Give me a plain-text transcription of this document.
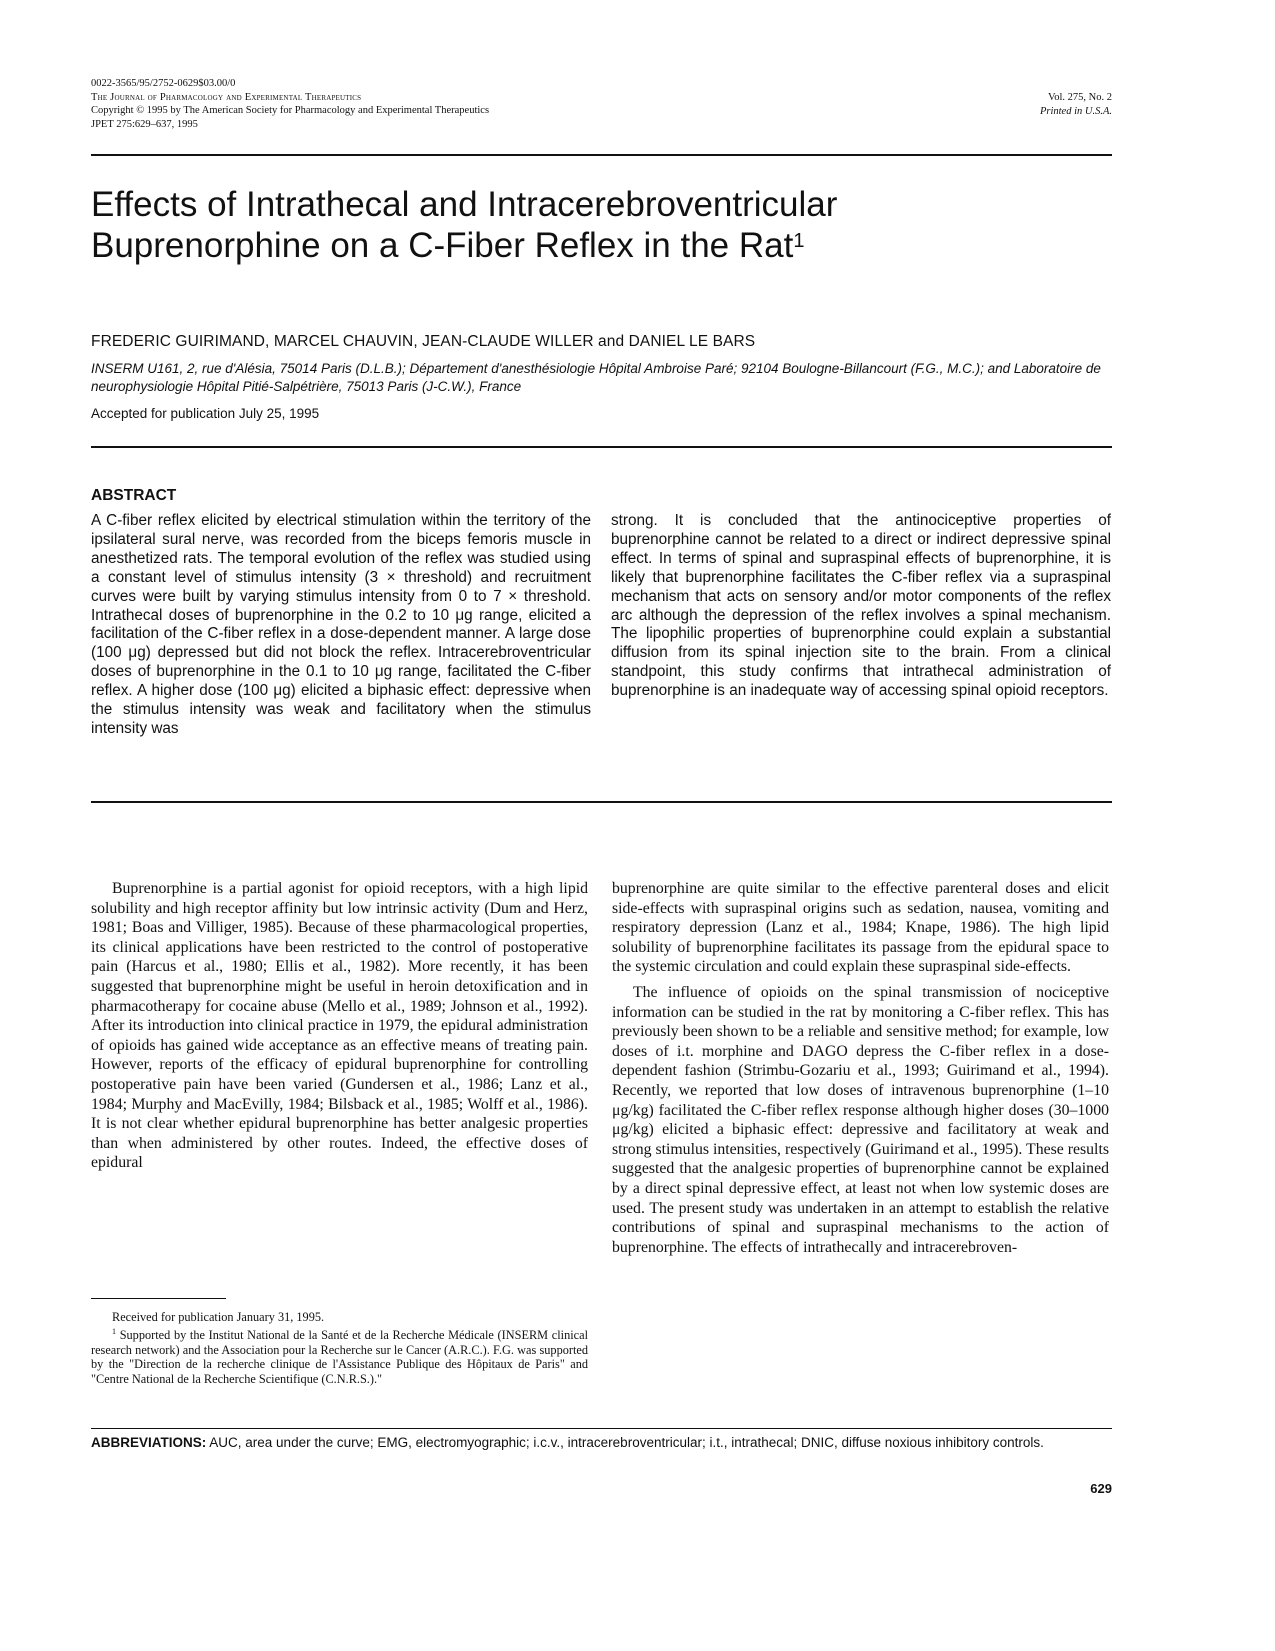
0022-3565/95/2752-0629$03.00/0
The Journal of Pharmacology and Experimental Therapeutics
Copyright © 1995 by The American Society for Pharmacology and Experimental Therapeutics
JPET 275:629–637, 1995
Vol. 275, No. 2
Printed in U.S.A.
Effects of Intrathecal and Intracerebroventricular
Buprenorphine on a C-Fiber Reflex in the Rat$^1$
FREDERIC GUIRIMAND, MARCEL CHAUVIN, JEAN-CLAUDE WILLER and DANIEL LE BARS
INSERM U161, 2, rue d'Alésia, 75014 Paris (D.L.B.); Département d'anesthésiologie Hôpital Ambroise Paré; 92104 Boulogne-Billancourt (F.G., M.C.); and Laboratoire de neurophysiologie Hôpital Pitié-Salpétrière, 75013 Paris (J-C.W.), France
Accepted for publication July 25, 1995
ABSTRACT
A C-fiber reflex elicited by electrical stimulation within the territory of the ipsilateral sural nerve, was recorded from the biceps femoris muscle in anesthetized rats. The temporal evolution of the reflex was studied using a constant level of stimulus intensity (3 × threshold) and recruitment curves were built by varying stimulus intensity from 0 to 7 × threshold. Intrathecal doses of buprenorphine in the 0.2 to 10 μg range, elicited a facilitation of the C-fiber reflex in a dose-dependent manner. A large dose (100 μg) depressed but did not block the reflex. Intracerebroventricular doses of buprenorphine in the 0.1 to 10 μg range, facilitated the C-fiber reflex. A higher dose (100 μg) elicited a biphasic effect: depressive when the stimulus intensity was weak and facilitatory when the stimulus intensity was
strong. It is concluded that the antinociceptive properties of buprenorphine cannot be related to a direct or indirect depressive spinal effect. In terms of spinal and supraspinal effects of buprenorphine, it is likely that buprenorphine facilitates the C-fiber reflex via a supraspinal mechanism that acts on sensory and/or motor components of the reflex arc although the depression of the reflex involves a spinal mechanism. The lipophilic properties of buprenorphine could explain a substantial diffusion from its spinal injection site to the brain. From a clinical standpoint, this study confirms that intrathecal administration of buprenorphine is an inadequate way of accessing spinal opioid receptors.

Buprenorphine is a partial agonist for opioid receptors, with a high lipid solubility and high receptor affinity but low intrinsic activity (Dum and Herz, 1981; Boas and Villiger, 1985). Because of these pharmacological properties, its clinical applications have been restricted to the control of postoperative pain (Harcus et al., 1980; Ellis et al., 1982). More recently, it has been suggested that buprenorphine might be useful in heroin detoxification and in pharmacotherapy for cocaine abuse (Mello et al., 1989; Johnson et al., 1992). After its introduction into clinical practice in 1979, the epidural administration of opioids has gained wide acceptance as an effective means of treating pain. However, reports of the efficacy of epidural buprenorphine for controlling postoperative pain have been varied (Gundersen et al., 1986; Lanz et al., 1984; Murphy and MacEvilly, 1984; Bilsback et al., 1985; Wolff et al., 1986). It is not clear whether epidural buprenorphine has better analgesic properties than when administered by other routes. Indeed, the effective doses of epidural

buprenorphine are quite similar to the effective parenteral doses and elicit side-effects with supraspinal origins such as sedation, nausea, vomiting and respiratory depression (Lanz et al., 1984; Knape, 1986). The high lipid solubility of buprenorphine facilitates its passage from the epidural space to the systemic circulation and could explain these supraspinal side-effects.

The influence of opioids on the spinal transmission of nociceptive information can be studied in the rat by monitoring a C-fiber reflex. This has previously been shown to be a reliable and sensitive method; for example, low doses of i.t. morphine and DAGO depress the C-fiber reflex in a dose-dependent fashion (Strimbu-Gozariu et al., 1993; Guirimand et al., 1994). Recently, we reported that low doses of intravenous buprenorphine (1–10 μg/kg) facilitated the C-fiber reflex response although higher doses (30–1000 μg/kg) elicited a biphasic effect: depressive and facilitatory at weak and strong stimulus intensities, respectively (Guirimand et al., 1995). These results suggested that the analgesic properties of buprenorphine cannot be explained by a direct spinal depressive effect, at least not when low systemic doses are used. The present study was undertaken in an attempt to establish the relative contributions of spinal and supraspinal mechanisms to the action of buprenorphine. The effects of intrathecally and intracerebroven-

Received for publication January 31, 1995.

$^1$ Supported by the Institut National de la Santé et de la Recherche Médicale (INSERM clinical research network) and the Association pour la Recherche sur le Cancer (A.R.C.). F.G. was supported by the "Direction de la recherche clinique de l'Assistance Publique des Hôpitaux de Paris" and "Centre National de la Recherche Scientifique (C.N.R.S.)."

ABBREVIATIONS: AUC, area under the curve; EMG, electromyographic; i.c.v., intracerebroventricular; i.t., intrathecal; DNIC, diffuse noxious inhibitory controls.
629
